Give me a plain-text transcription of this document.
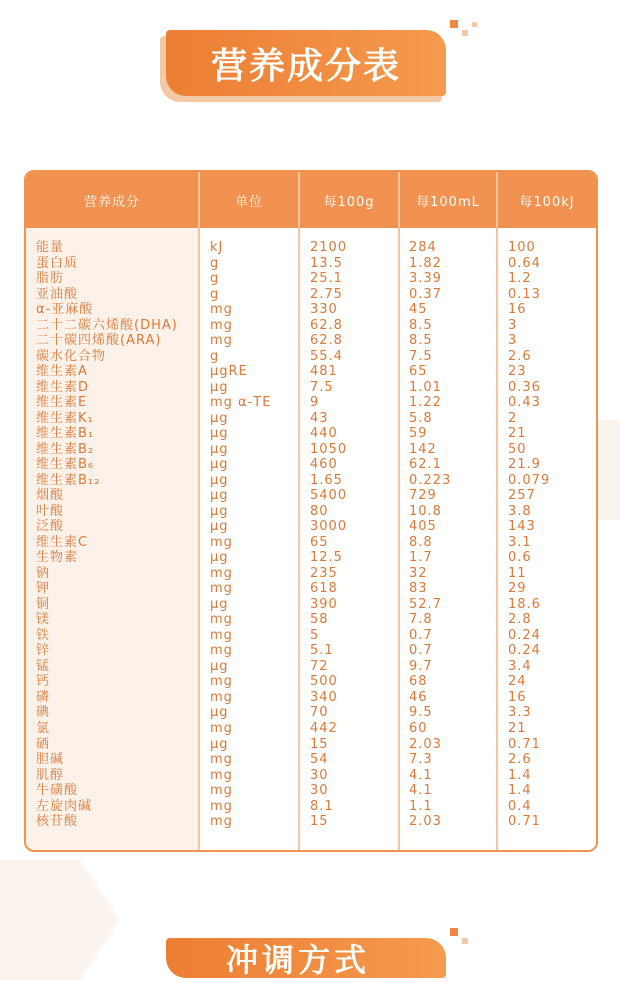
营养成分表
营养成分	单位	每100g	每100mL	每100kJ
能量	kJ	2100	284	100
蛋白质	g	13.5	1.82	0.64
脂肪	g	25.1	3.39	1.2
亚油酸	g	2.75	0.37	0.13
α-亚麻酸	mg	330	45	16
二十二碳六烯酸(DHA) mg	62.8	8.5	3
二十碳四烯酸(ARA)	mg	62.8	8.5	3
碳水化合物	g	55.4	7.5	2.6
维生素A	μgRE	481	65	23
维生素D	μg	7.5	1.01	0.36
维生素E	mg α-TE	9	1.22	0.43
维生素K₁	μg	43	5.8	2
维生素B₁	μg	440	59	21
维生素B₂	μg	1050	142	50
维生素B₆	μg	460	62.1	21.9
维生素B₁₂	μg	1.65	0.223	0.079
烟酸	μg	5400	729	257
叶酸	μg	80	10.8	3.8
泛酸	μg	3000	405	143
维生素C	mg	65	8.8	3.1
生物素	μg	12.5	1.7	0.6
钠	mg	235	32	11
钾	mg	618	83	29
铜	μg	390	52.7	18.6
镁	mg	58	7.8	2.8
铁	mg	5	0.7	0.24
锌	mg	5.1	0.7	0.24
锰	μg	72	9.7	3.4
钙	mg	500	68	24
磷	mg	340	46	16
碘	μg	70	9.5	3.3
氯	mg	442	60	21
硒	μg	15	2.03	0.71
胆碱	mg	54	7.3	2.6
肌醇	mg	30	4.1	1.4
牛磺酸	mg	30	4.1	1.4
左旋肉碱	mg	8.1	1.1	0.4
核苷酸	mg	15	2.03	0.71
冲调方式
